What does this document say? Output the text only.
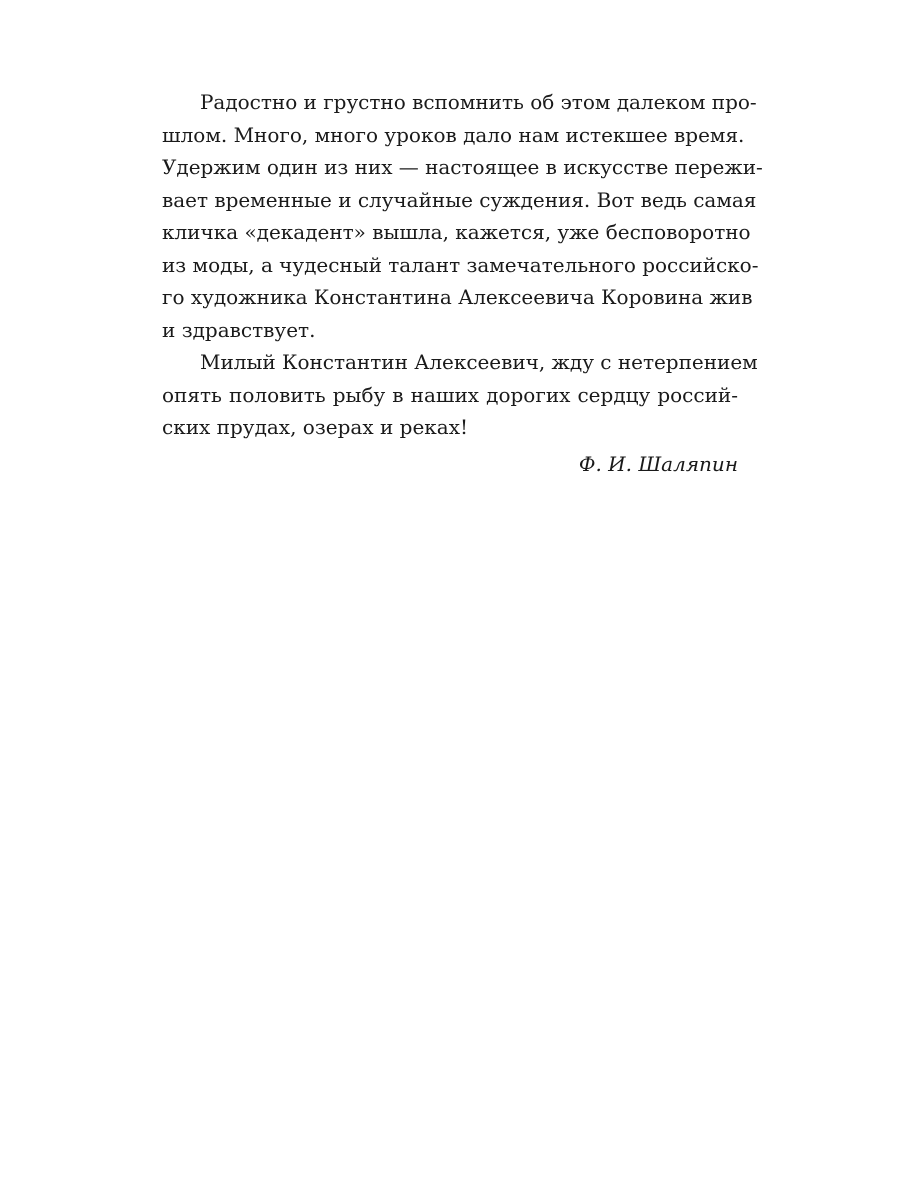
Радостно и грустно вспомнить об этом далеком про-
шлом. Много, много уроков дало нам истекшее время.
Удержим один из них — настоящее в искусстве пережи-
вает временные и случайные суждения. Вот ведь самая
кличка «декадент» вышла, кажется, уже бесповоротно
из моды, а чудесный талант замечательного российско-
го художника Константина Алексеевича Коровина жив
и здравствует.

Милый Константин Алексеевич, жду с нетерпением
опять половить рыбу в наших дорогих сердцу россий-
ских прудах, озерах и реках!

Ф. И. Шаляпин
